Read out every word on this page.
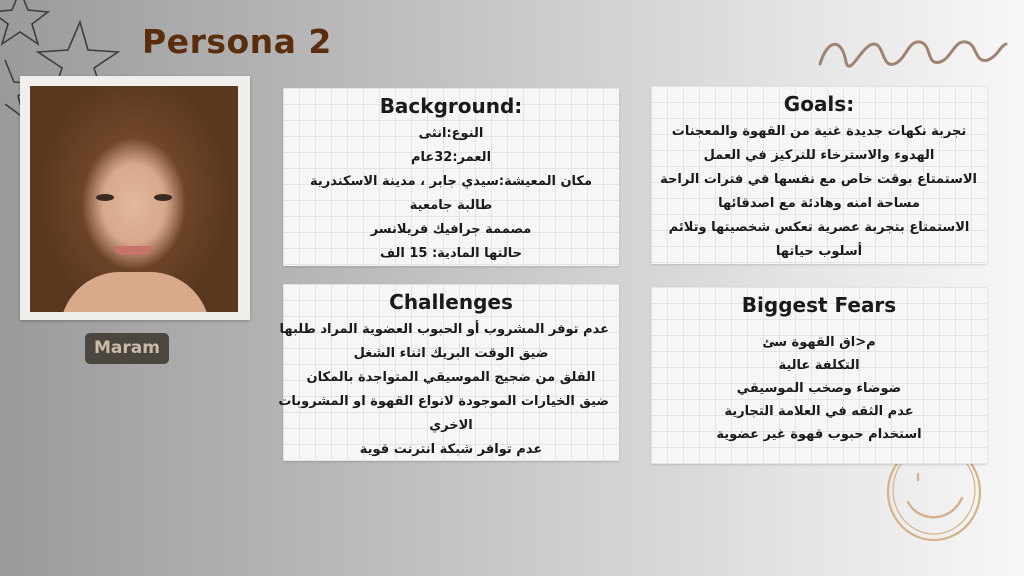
Persona 2
Maram
Background:
النوع:انثى
العمر:32عام
مكان المعيشة:سيدي جابر ، مدينة الاسكندرية
طالبة جامعية
مصممة جرافيك فريلانسر
حالتها المادية: 15 الف
Goals:
تجربة نكهات جديدة غنية من القهوة والمعجنات
الهدوء والاسترخاء للتركيز في العمل
الاستمتاع بوقت خاص مع نفسها في فترات الراحة
مساحة امنه وهادئة مع اصدقائها
الاستمتاع بتجربة عصرية تعكس شخصيتها وتلائم
أسلوب حياتها
Challenges
عدم توفر المشروب أو الحبوب العضوية المراد طلبها
ضيق الوقت البريك اثناء الشغل
القلق من ضجيج الموسيقي المتواجدة بالمكان
ضيق الخيارات الموجودة لانواع القهوة او المشروبات
الاخري
عدم توافر شبكة انترنت قوية
Biggest Fears
م<اق القهوة سئ
التكلفة عالية
ضوضاء وصخب الموسيقي
عدم الثقه في العلامة التجارية
استخدام حبوب قهوة غير عضوية
